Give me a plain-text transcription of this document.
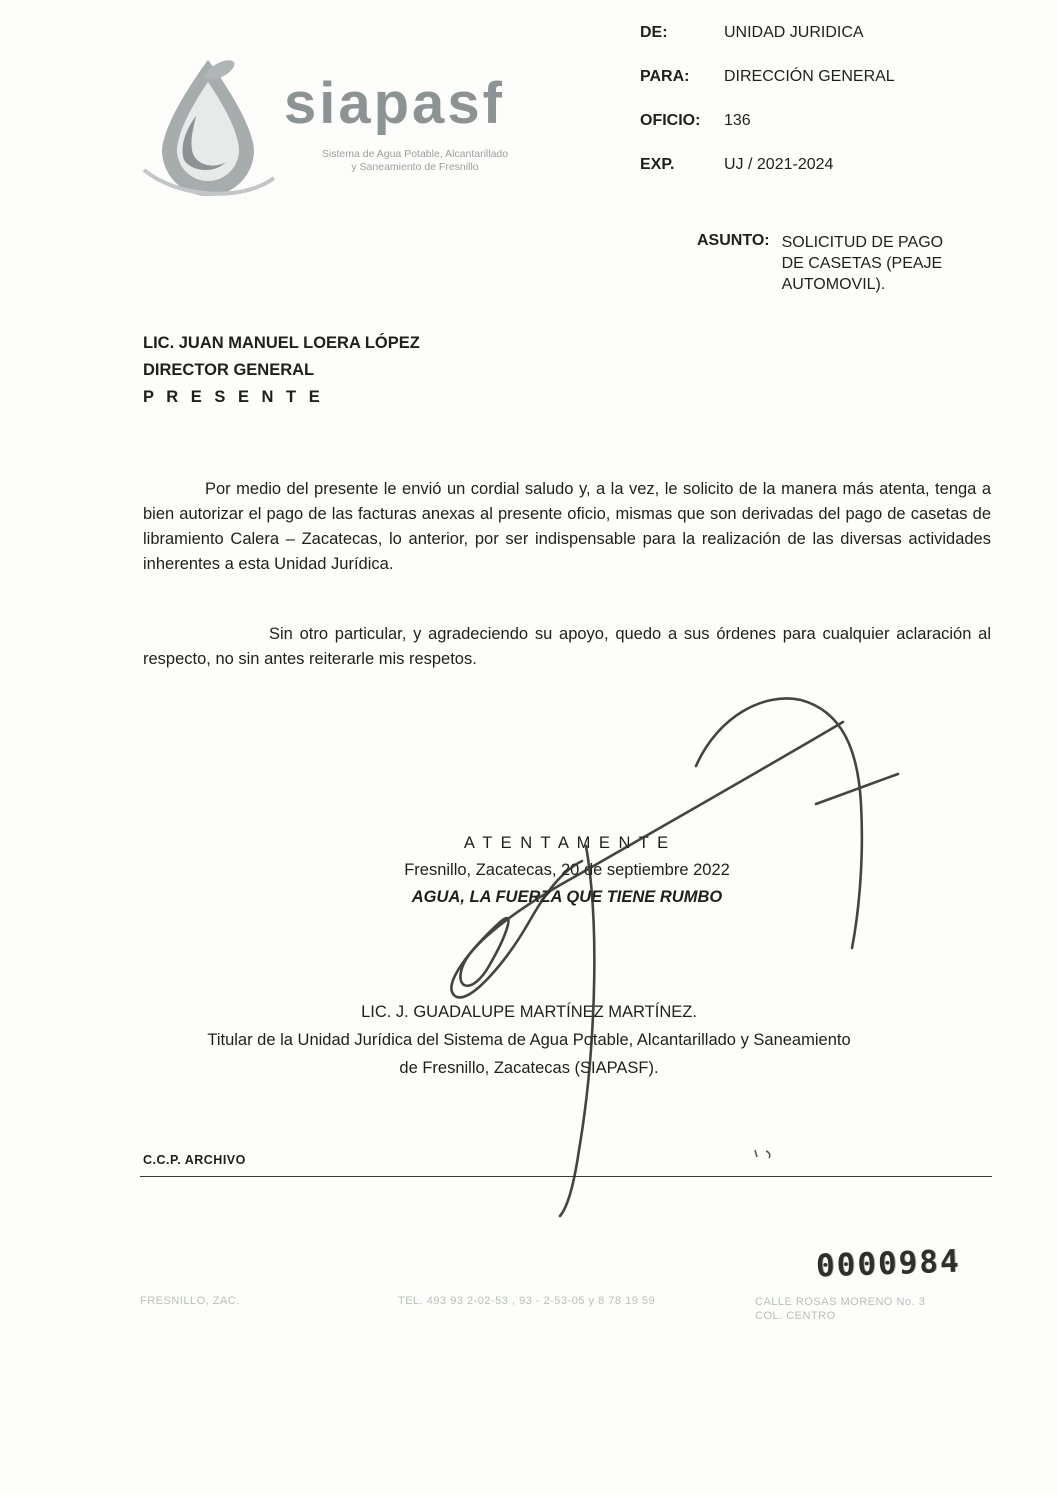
siapasf
Sistema de Agua Potable, Alcantarillado
y Saneamiento de Fresnillo
DE:	UNIDAD JURIDICA
PARA:	DIRECCIÓN GENERAL
OFICIO:	136
EXP.	UJ / 2021-2024
ASUNTO: SOLICITUD DE PAGO
DE CASETAS (PEAJE
AUTOMOVIL).
LIC. JUAN MANUEL LOERA LÓPEZ
DIRECTOR GENERAL
P R E S E N T E
Por medio del presente le envió un cordial saludo y, a la vez, le solicito de la manera más atenta, tenga a bien autorizar el pago de las facturas anexas al presente oficio, mismas que son derivadas del pago de casetas de libramiento Calera – Zacatecas, lo anterior, por ser indispensable para la realización de las diversas actividades inherentes a esta Unidad Jurídica.
Sin otro particular, y agradeciendo su apoyo, quedo a sus órdenes para cualquier aclaración al respecto, no sin antes reiterarle mis respetos.
A T E N T A M E N T E
Fresnillo, Zacatecas, 20 de septiembre 2022
AGUA, LA FUERZA QUE TIENE RUMBO
LIC. J. GUADALUPE MARTÍNEZ MARTÍNEZ.
Titular de la Unidad Jurídica del Sistema de Agua Potable, Alcantarillado y Saneamiento
de Fresnillo, Zacatecas (SIAPASF).
C.C.P. ARCHIVO
0000984
FRESNILLO, ZAC.	TEL. 493 93 2-02-53 , 93 - 2-53-05 y 8 78 19 59	CALLE ROSAS MORENO No. 3
COL. CENTRO
